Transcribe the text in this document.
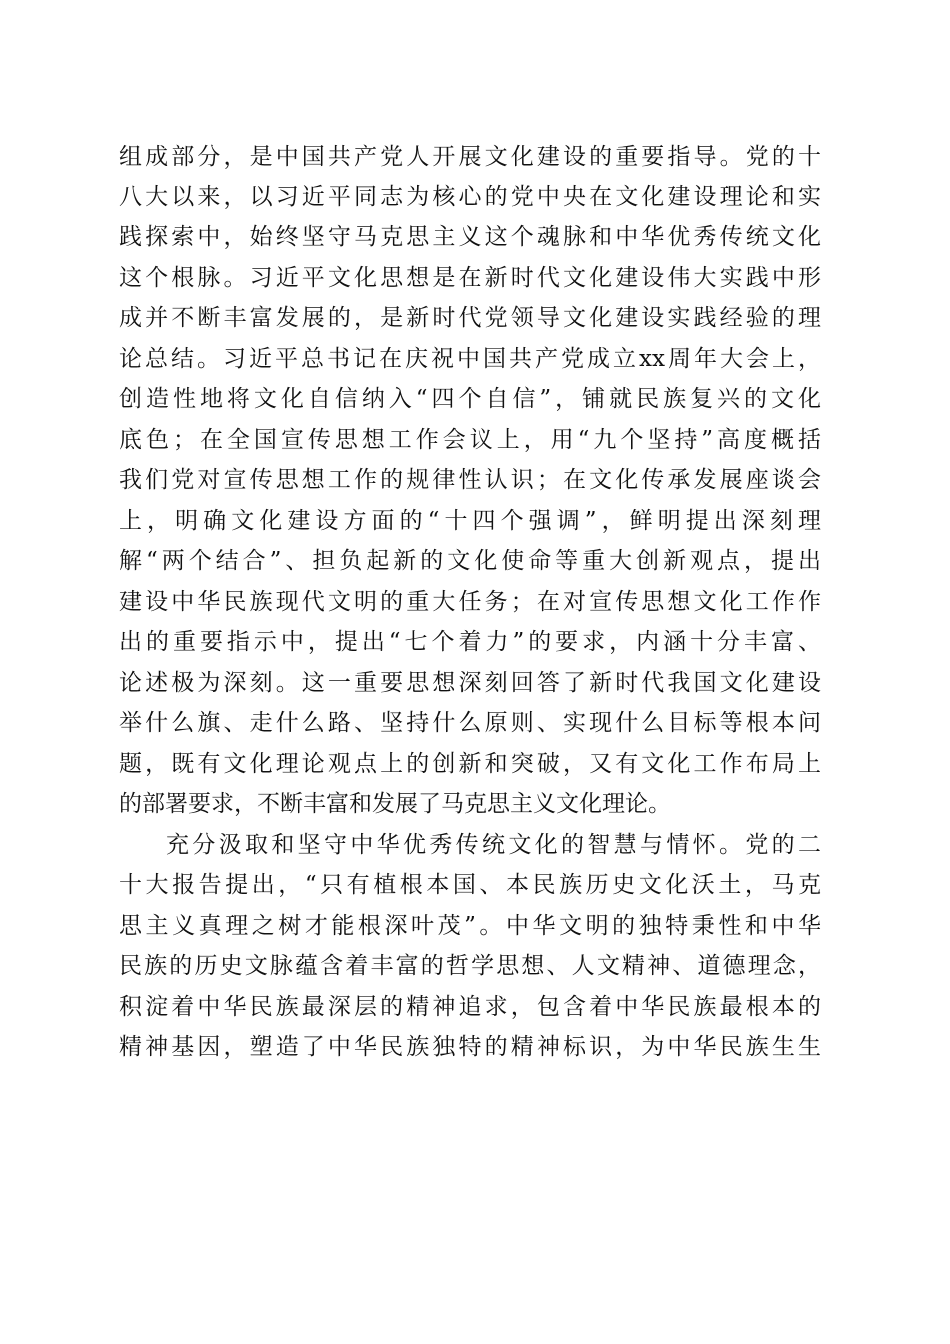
组成部分，是中国共产党人开展文化建设的重要指导。党的十
八大以来，以习近平同志为核心的党中央在文化建设理论和实
践探索中，始终坚守马克思主义这个魂脉和中华优秀传统文化
这个根脉。习近平文化思想是在新时代文化建设伟大实践中形
成并不断丰富发展的，是新时代党领导文化建设实践经验的理
论总结。习近平总书记在庆祝中国共产党成立xx周年大会上，
创造性地将文化自信纳入“四个自信”，铺就民族复兴的文化
底色；在全国宣传思想工作会议上，用“九个坚持”高度概括
我们党对宣传思想工作的规律性认识；在文化传承发展座谈会
上，明确文化建设方面的“十四个强调”，鲜明提出深刻理
解“两个结合”、担负起新的文化使命等重大创新观点，提出
建设中华民族现代文明的重大任务；在对宣传思想文化工作作
出的重要指示中，提出“七个着力”的要求，内涵十分丰富、
论述极为深刻。这一重要思想深刻回答了新时代我国文化建设
举什么旗、走什么路、坚持什么原则、实现什么目标等根本问
题，既有文化理论观点上的创新和突破，又有文化工作布局上
的部署要求，不断丰富和发展了马克思主义文化理论。
充分汲取和坚守中华优秀传统文化的智慧与情怀。党的二
十大报告提出，“只有植根本国、本民族历史文化沃土，马克
思主义真理之树才能根深叶茂”。中华文明的独特秉性和中华
民族的历史文脉蕴含着丰富的哲学思想、人文精神、道德理念，
积淀着中华民族最深层的精神追求，包含着中华民族最根本的
精神基因，塑造了中华民族独特的精神标识，为中华民族生生
